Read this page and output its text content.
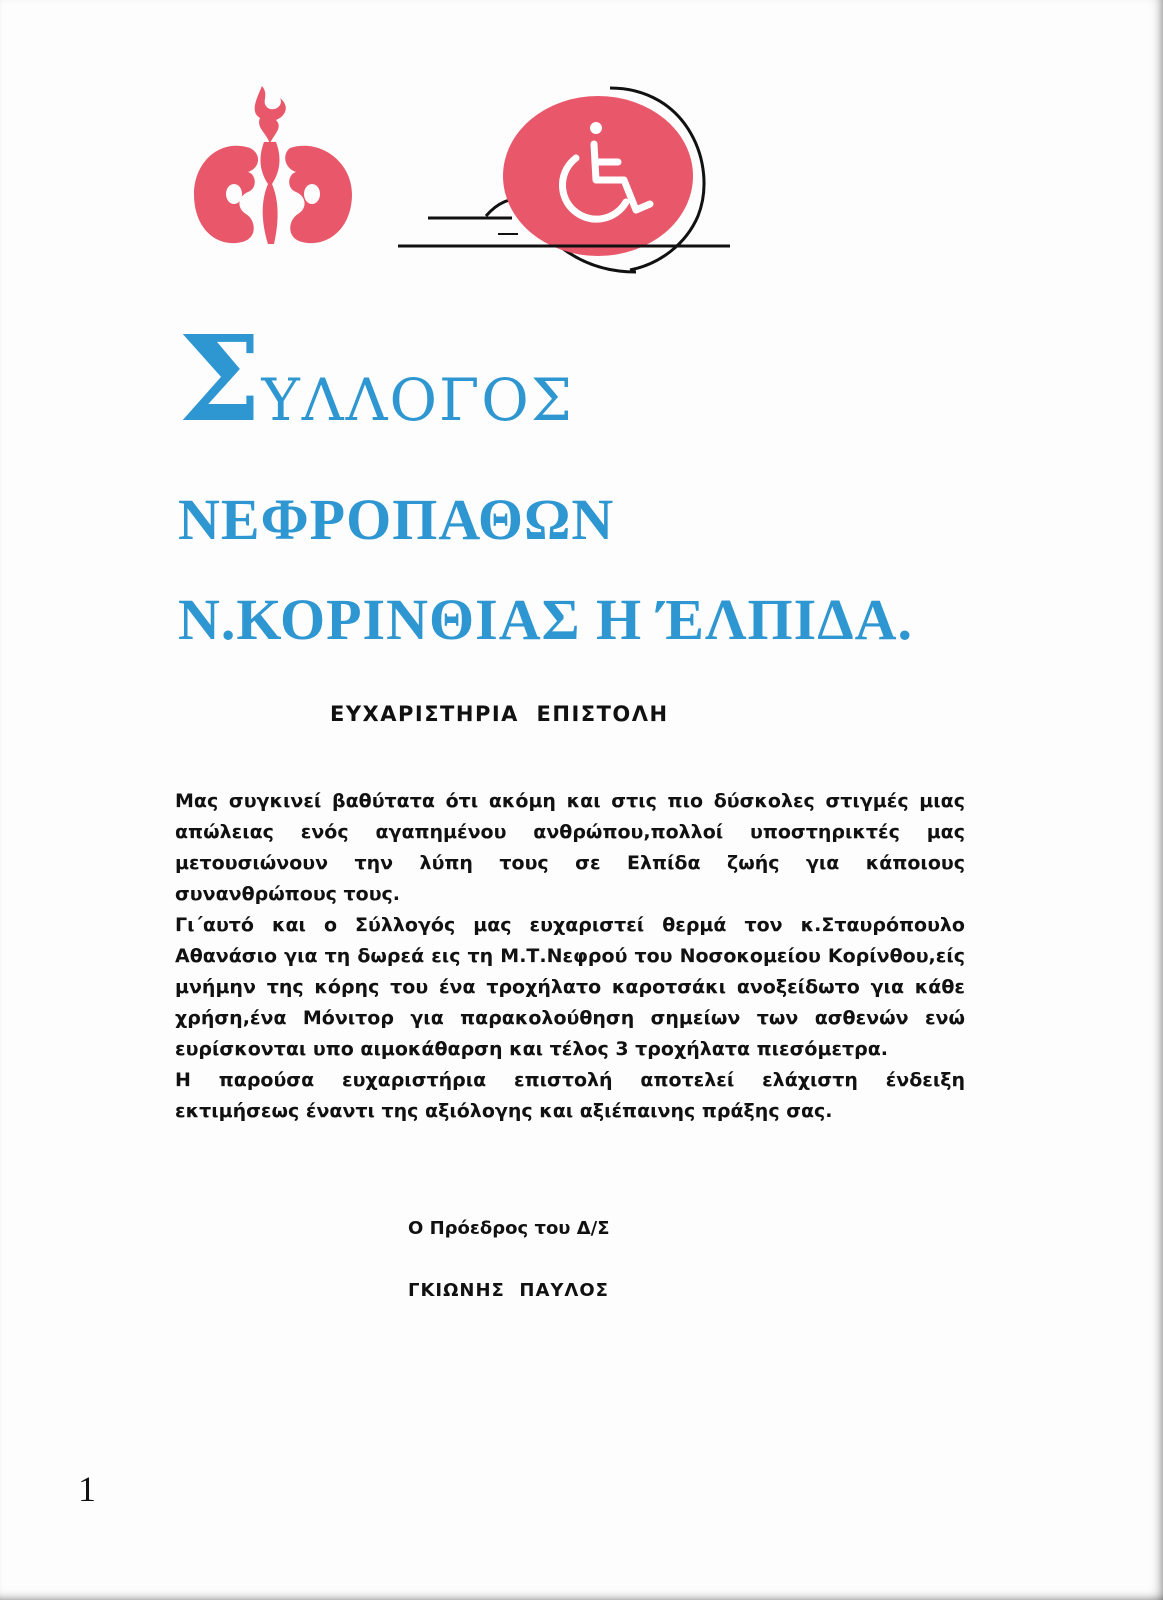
ΣΥΛΛΟΓΟΣ
ΝΕΦΡΟΠΑΘΩΝ
Ν.ΚΟΡΙΝΘΙΑΣ Η ΈΛΠΙΔΑ.
ΕΥΧΑΡΙΣΤΗΡΙΑ  ΕΠΙΣΤΟΛΗ

Μας συγκινεί βαθύτατα ότι ακόμη και στις πιο δύσκολες στιγμές μιας απώλειας ενός αγαπημένου ανθρώπου,πολλοί υποστηρικτές μας μετουσιώνουν την λύπη τους σε Ελπίδα ζωής για κάποιους συνανθρώπους τους.

Γι΄αυτό και ο Σύλλογός μας ευχαριστεί θερμά τον κ.Σταυρόπουλο Αθανάσιο για τη δωρεά εις τη Μ.Τ.Νεφρού του Νοσοκομείου Κορίνθου,είς μνήμην της κόρης του ένα τροχήλατο καροτσάκι ανοξείδωτο για κάθε χρήση,ένα Μόνιτορ για παρακολούθηση σημείων των ασθενών ενώ ευρίσκονται υπο αιμοκάθαρση και τέλος 3 τροχήλατα πιεσόμετρα.

Η παρούσα ευχαριστήρια επιστολή αποτελεί ελάχιστη ένδειξη εκτιμήσεως έναντι της αξιόλογης και αξιέπαινης πράξης σας.

Ο Πρόεδρος του Δ/Σ
ΓΚΙΩΝΗΣ  ΠΑΥΛΟΣ
1
